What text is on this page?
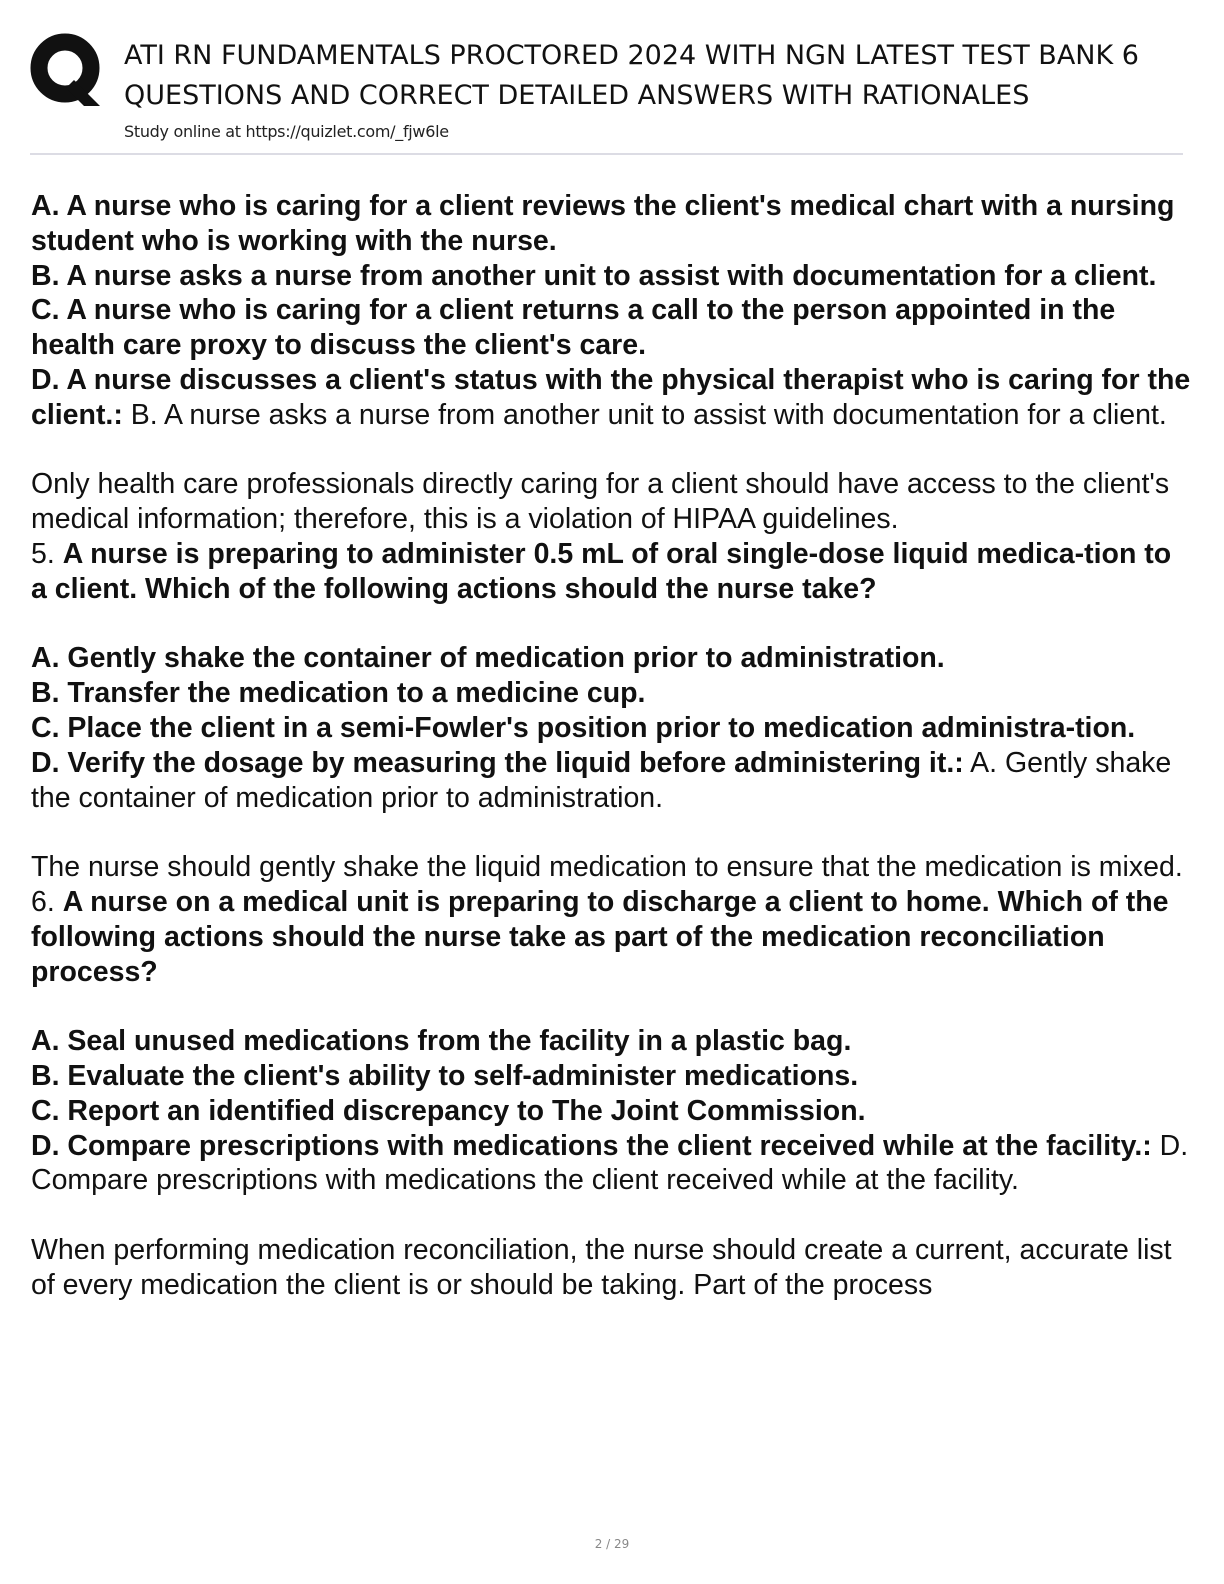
ATI RN FUNDAMENTALS PROCTORED 2024 WITH NGN LATEST TEST BANK 6
QUESTIONS AND CORRECT DETAILED ANSWERS WITH RATIONALES

Study online at https://quizlet.com/_fjw6le

A. A nurse who is caring for a client reviews the client's medical chart with a nursing student who is working with the nurse.

B. A nurse asks a nurse from another unit to assist with documentation for a client.

C. A nurse who is caring for a client returns a call to the person appointed in the health care proxy to discuss the client's care.

D. A nurse discusses a client's status with the physical therapist who is caring for the client.: B. A nurse asks a nurse from another unit to assist with documentation for a client.

Only health care professionals directly caring for a client should have access to the client's medical information; therefore, this is a violation of HIPAA guidelines.

5. A nurse is preparing to administer 0.5 mL of oral single-dose liquid medica-tion to a client. Which of the following actions should the nurse take?

A. Gently shake the container of medication prior to administration.

B. Transfer the medication to a medicine cup.

C. Place the client in a semi-Fowler's position prior to medication administra-tion.

D. Verify the dosage by measuring the liquid before administering it.: A. Gently shake the container of medication prior to administration.

The nurse should gently shake the liquid medication to ensure that the medication is mixed.

6. A nurse on a medical unit is preparing to discharge a client to home. Which of the following actions should the nurse take as part of the medication reconciliation process?

A. Seal unused medications from the facility in a plastic bag.

B. Evaluate the client's ability to self-administer medications.

C. Report an identified discrepancy to The Joint Commission.

D. Compare prescriptions with medications the client received while at the facility.: D. Compare prescriptions with medications the client received while at the facility.

When performing medication reconciliation, the nurse should create a current, accurate list of every medication the client is or should be taking. Part of the process

2 / 29
